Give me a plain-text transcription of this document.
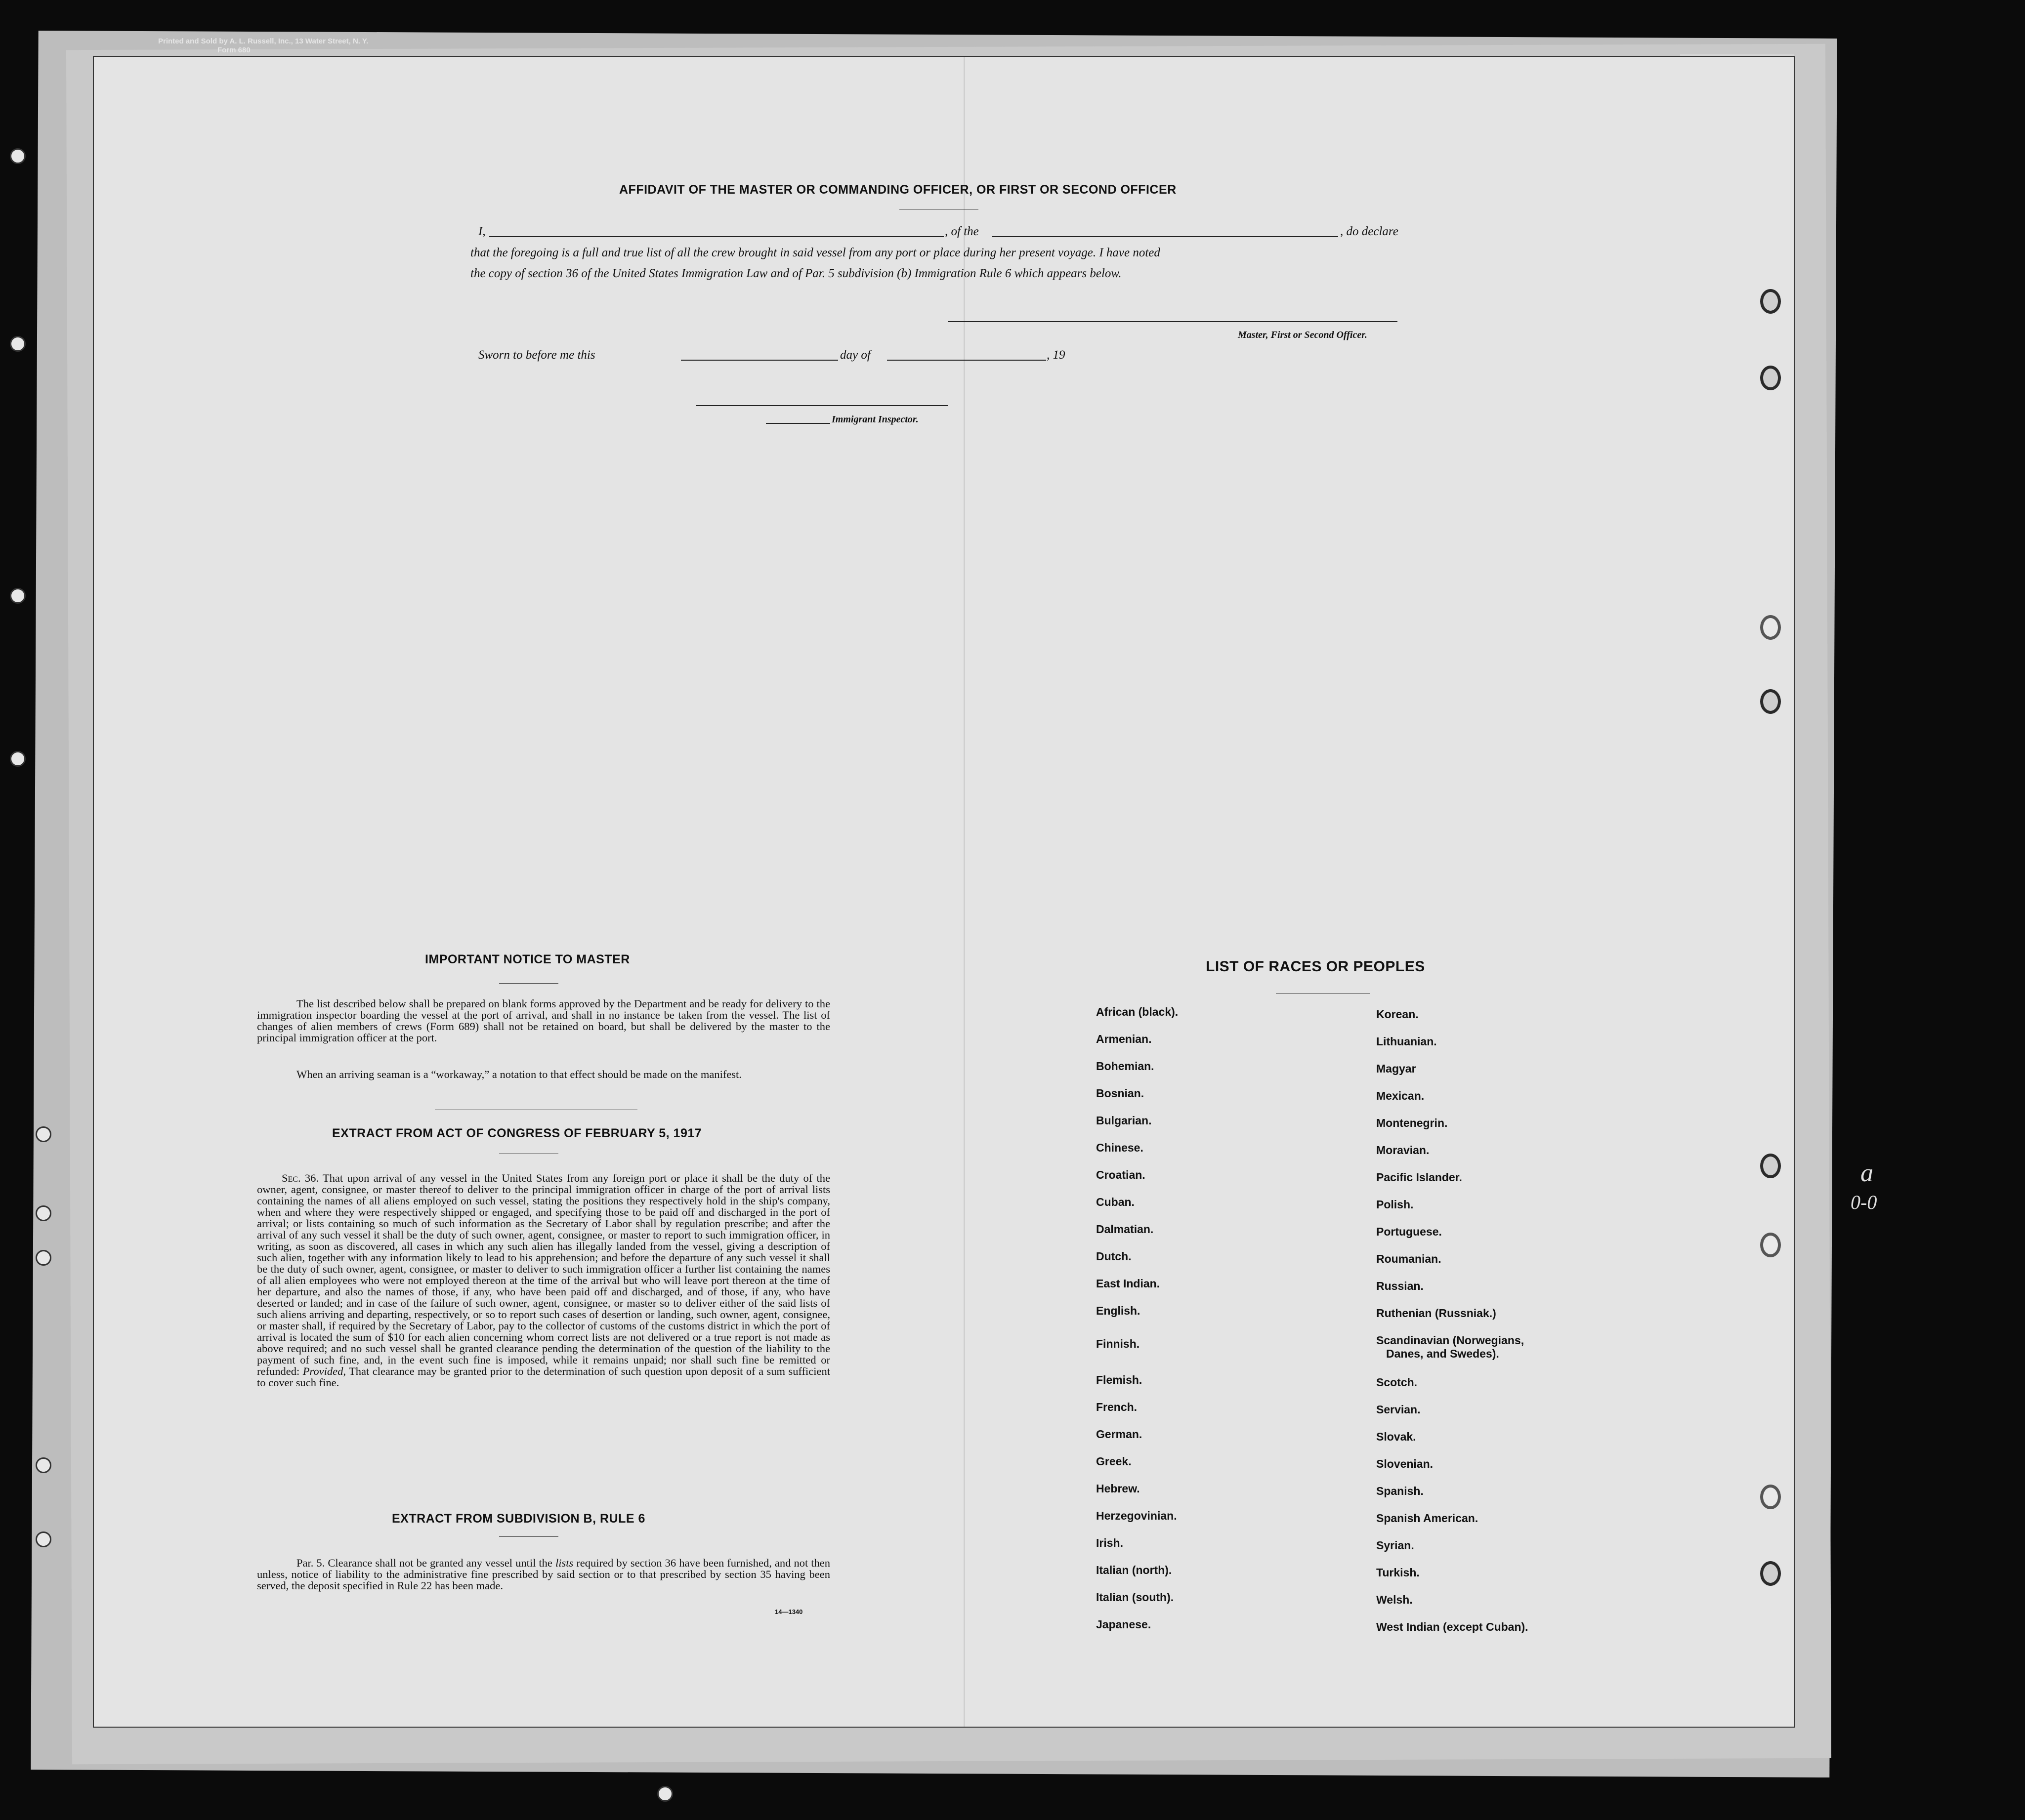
Printed and Sold by A. L. Russell, Inc., 13 Water Street, N. Y.
Form 680
a
0-0
AFFIDAVIT OF THE MASTER OR COMMANDING OFFICER, OR FIRST OR SECOND OFFICER
I,	, of the	, do declare
that the foregoing is a full and true list of all the crew brought in said vessel from any port or place during her present voyage. I have noted
the copy of section 36 of the United States Immigration Law and of Par. 5 subdivision (b) Immigration Rule 6 which appears below.
Master, First or Second Officer.
Sworn to before me this	day of	, 19
Immigrant Inspector.
IMPORTANT NOTICE TO MASTER
The list described below shall be prepared on blank forms approved by the Department and be ready for delivery to the immigration inspector boarding the vessel at the port of arrival, and shall in no instance be taken from the vessel. The list of changes of alien members of crews (Form 689) shall not be retained on board, but shall be delivered by the master to the principal immigration officer at the port.
When an arriving seaman is a “workaway,” a notation to that effect should be made on the manifest.
EXTRACT FROM ACT OF CONGRESS OF FEBRUARY 5, 1917
Sec. 36. That upon arrival of any vessel in the United States from any foreign port or place it shall be the duty of the owner, agent, consignee, or master thereof to deliver to the principal immigration officer in charge of the port of arrival lists containing the names of all aliens employed on such vessel, stating the positions they respectively hold in the ship's company, when and where they were respectively shipped or engaged, and specifying those to be paid off and discharged in the port of arrival; or lists containing so much of such information as the Secretary of Labor shall by regulation prescribe; and after the arrival of any such vessel it shall be the duty of such owner, agent, consignee, or master to report to such immigration officer, in writing, as soon as discovered, all cases in which any such alien has illegally landed from the vessel, giving a description of such alien, together with any information likely to lead to his apprehension; and before the departure of any such vessel it shall be the duty of such owner, agent, consignee, or master to deliver to such immigration officer a further list containing the names of all alien employees who were not employed thereon at the time of the arrival but who will leave port thereon at the time of her departure, and also the names of those, if any, who have been paid off and discharged, and of those, if any, who have deserted or landed; and in case of the failure of such owner, agent, consignee, or master so to deliver either of the said lists of such aliens arriving and departing, respectively, or so to report such cases of desertion or landing, such owner, agent, consignee, or master shall, if required by the Secretary of Labor, pay to the collector of customs of the customs district in which the port of arrival is located the sum of $10 for each alien concerning whom correct lists are not delivered or a true report is not made as above required; and no such vessel shall be granted clearance pending the determination of the question of the liability to the payment of such fine, and, in the event such fine is imposed, while it remains unpaid; nor shall such fine be remitted or refunded: Provided, That clearance may be granted prior to the determination of such question upon deposit of a sum sufficient to cover such fine.
EXTRACT FROM SUBDIVISION B, RULE 6
Par. 5. Clearance shall not be granted any vessel until the lists required by section 36 have been furnished, and not then unless, notice of liability to the administrative fine prescribed by said section or to that prescribed by section 35 having been served, the deposit specified in Rule 22 has been made.
14—1340
LIST OF RACES OR PEOPLES
African (black).
Armenian.
Bohemian.
Bosnian.
Bulgarian.
Chinese.
Croatian.
Cuban.
Dalmatian.
Dutch.
East Indian.
English.
Finnish.
Flemish.
French.
German.
Greek.
Hebrew.
Herzegovinian.
Irish.
Italian (north).
Italian (south).
Japanese.
Korean.
Lithuanian.
Magyar
Mexican.
Montenegrin.
Moravian.
Pacific Islander.
Polish.
Portuguese.
Roumanian.
Russian.
Ruthenian (Russniak.)
Scandinavian (Norwegians,
Danes, and Swedes).
Scotch.
Servian.
Slovak.
Slovenian.
Spanish.
Spanish American.
Syrian.
Turkish.
Welsh.
West Indian (except Cuban).
